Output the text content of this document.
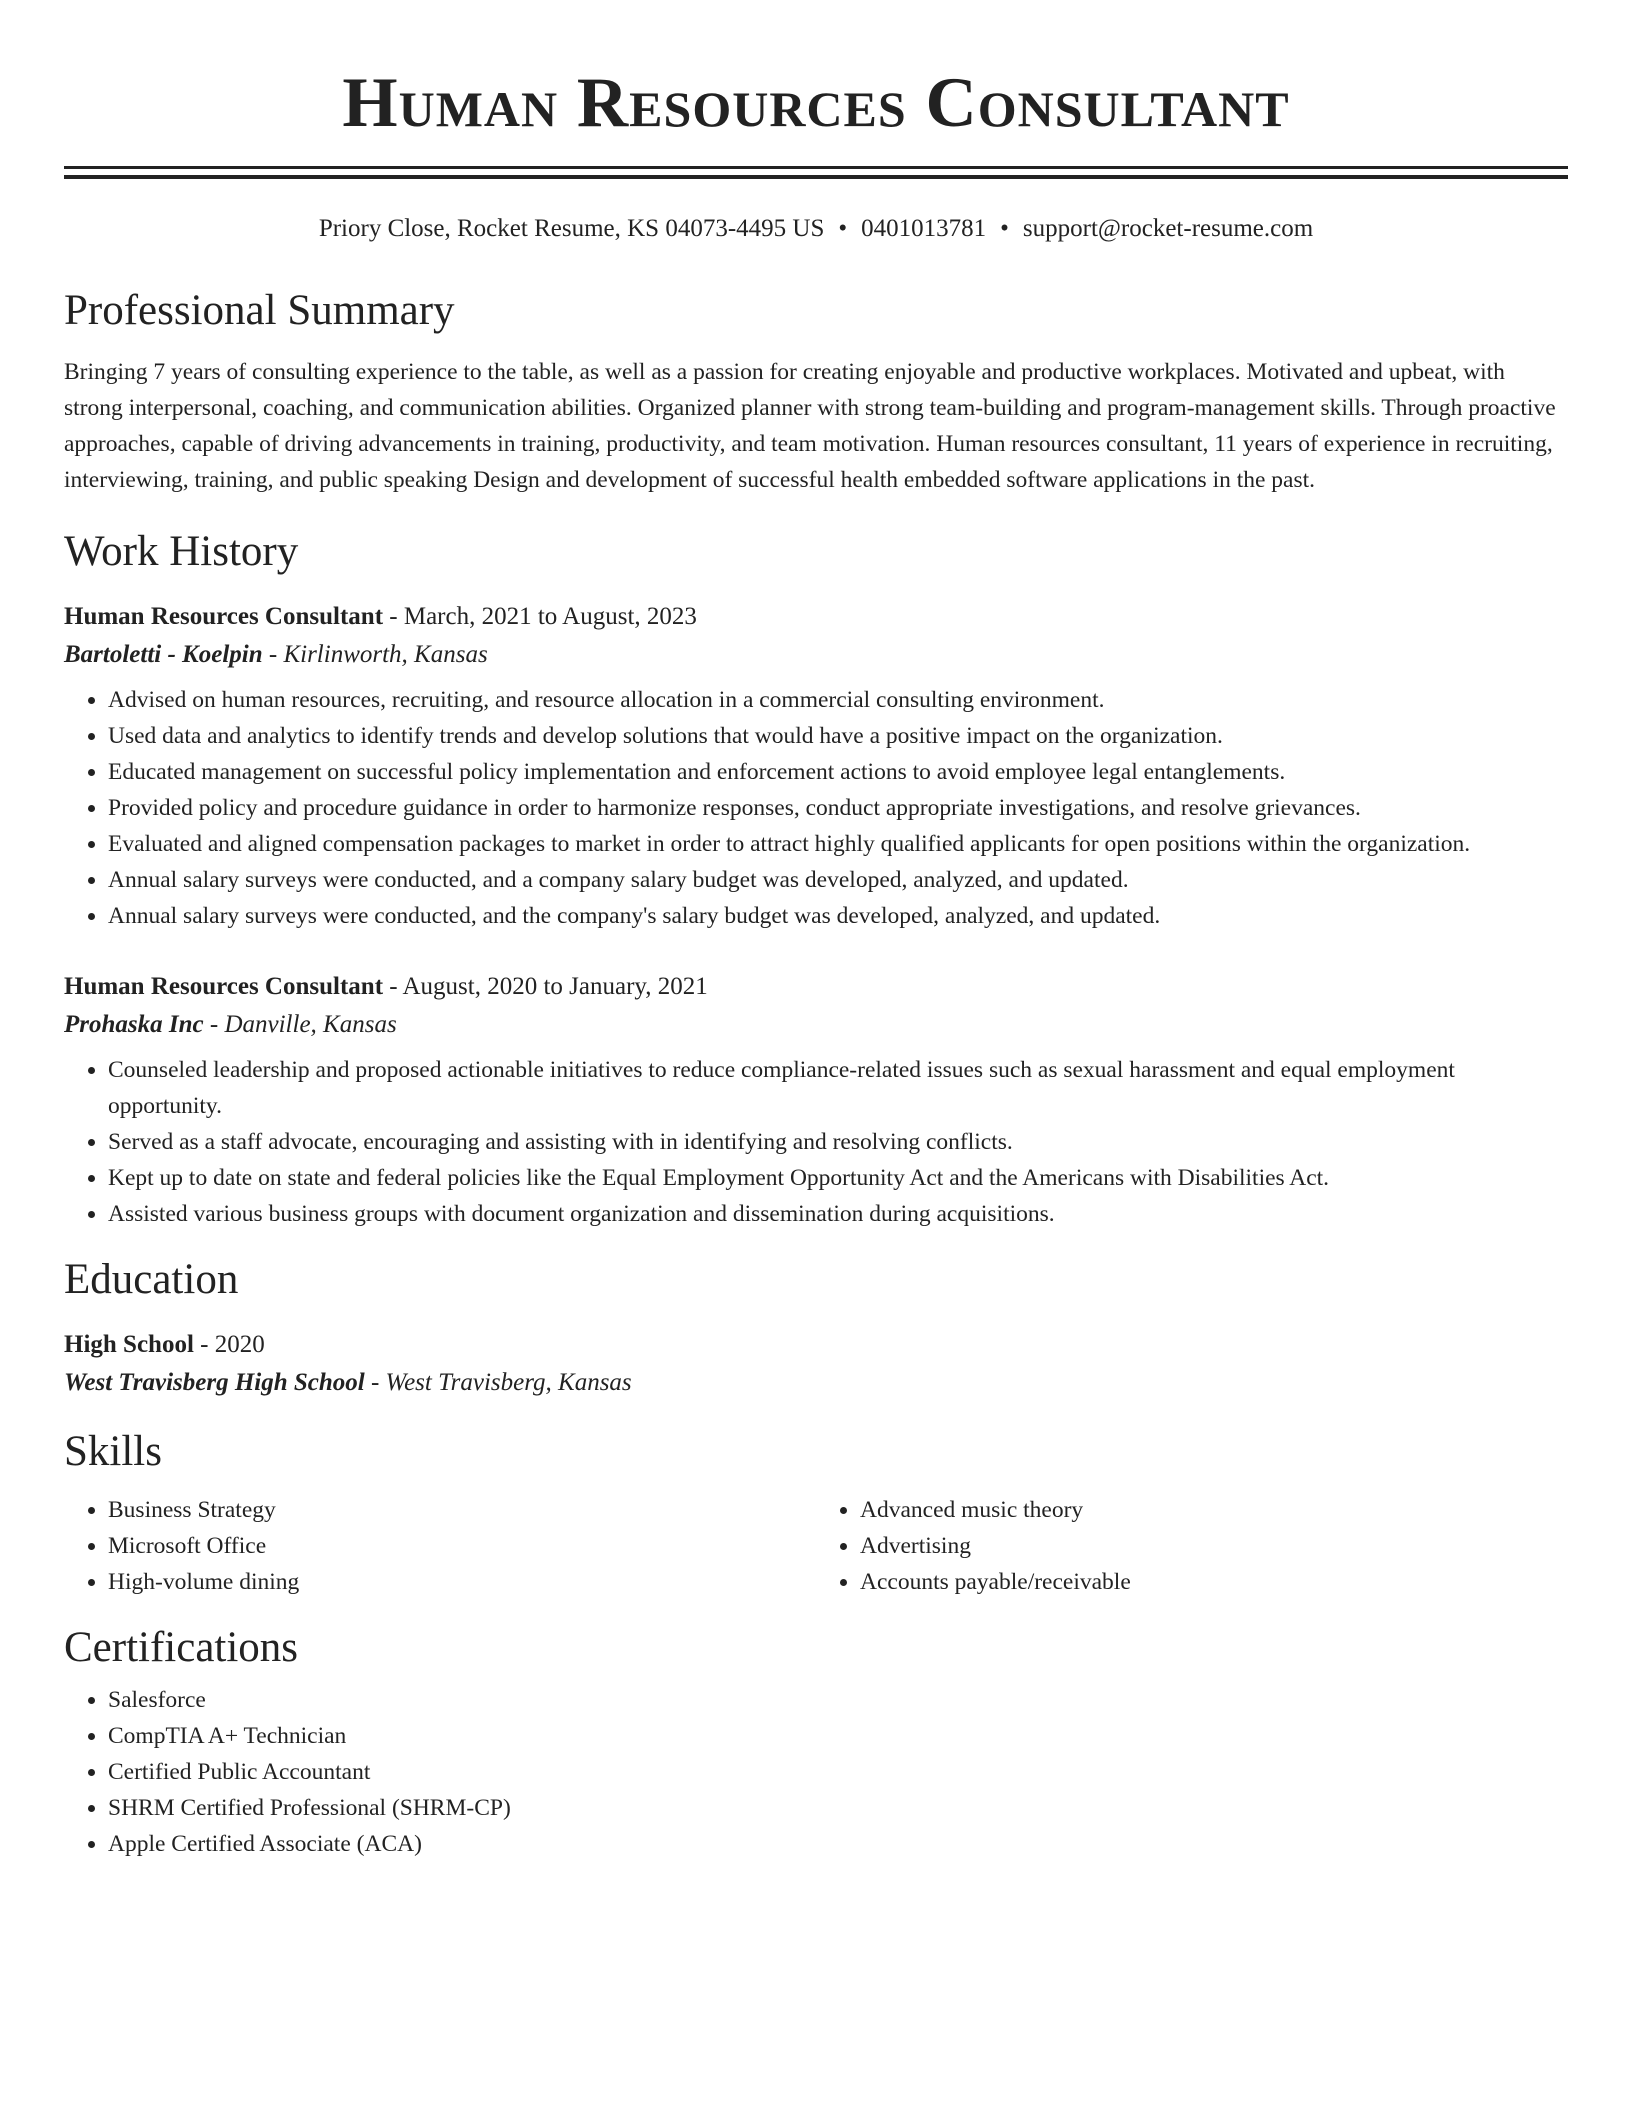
Human Resources Consultant
Priory Close, Rocket Resume, KS 04073-4495 US • 0401013781 • support@rocket-resume.com
Professional Summary

Bringing 7 years of consulting experience to the table, as well as a passion for creating enjoyable and productive workplaces. Motivated and upbeat, with strong interpersonal, coaching, and communication abilities. Organized planner with strong team-building and program-management skills. Through proactive approaches, capable of driving advancements in training, productivity, and team motivation. Human resources consultant, 11 years of experience in recruiting, interviewing, training, and public speaking Design and development of successful health embedded software applications in the past.

Work History
Human Resources Consultant - March, 2021 to August, 2023
Bartoletti - Koelpin - Kirlinworth, Kansas
• Advised on human resources, recruiting, and resource allocation in a commercial consulting environment.
• Used data and analytics to identify trends and develop solutions that would have a positive impact on the organization.
• Educated management on successful policy implementation and enforcement actions to avoid employee legal entanglements.
• Provided policy and procedure guidance in order to harmonize responses, conduct appropriate investigations, and resolve grievances.
• Evaluated and aligned compensation packages to market in order to attract highly qualified applicants for open positions within the organization.
• Annual salary surveys were conducted, and a company salary budget was developed, analyzed, and updated.
• Annual salary surveys were conducted, and the company's salary budget was developed, analyzed, and updated.
Human Resources Consultant - August, 2020 to January, 2021
Prohaska Inc - Danville, Kansas
• Counseled leadership and proposed actionable initiatives to reduce compliance-related issues such as sexual harassment and equal employment opportunity.
• Served as a staff advocate, encouraging and assisting with in identifying and resolving conflicts.
• Kept up to date on state and federal policies like the Equal Employment Opportunity Act and the Americans with Disabilities Act.
• Assisted various business groups with document organization and dissemination during acquisitions.
Education
High School - 2020
West Travisberg High School - West Travisberg, Kansas
Skills
• Business Strategy
• Microsoft Office
• High-volume dining
• Advanced music theory
• Advertising
• Accounts payable/receivable
Certifications
• Salesforce
• CompTIA A+ Technician
• Certified Public Accountant
• SHRM Certified Professional (SHRM-CP)
• Apple Certified Associate (ACA)
